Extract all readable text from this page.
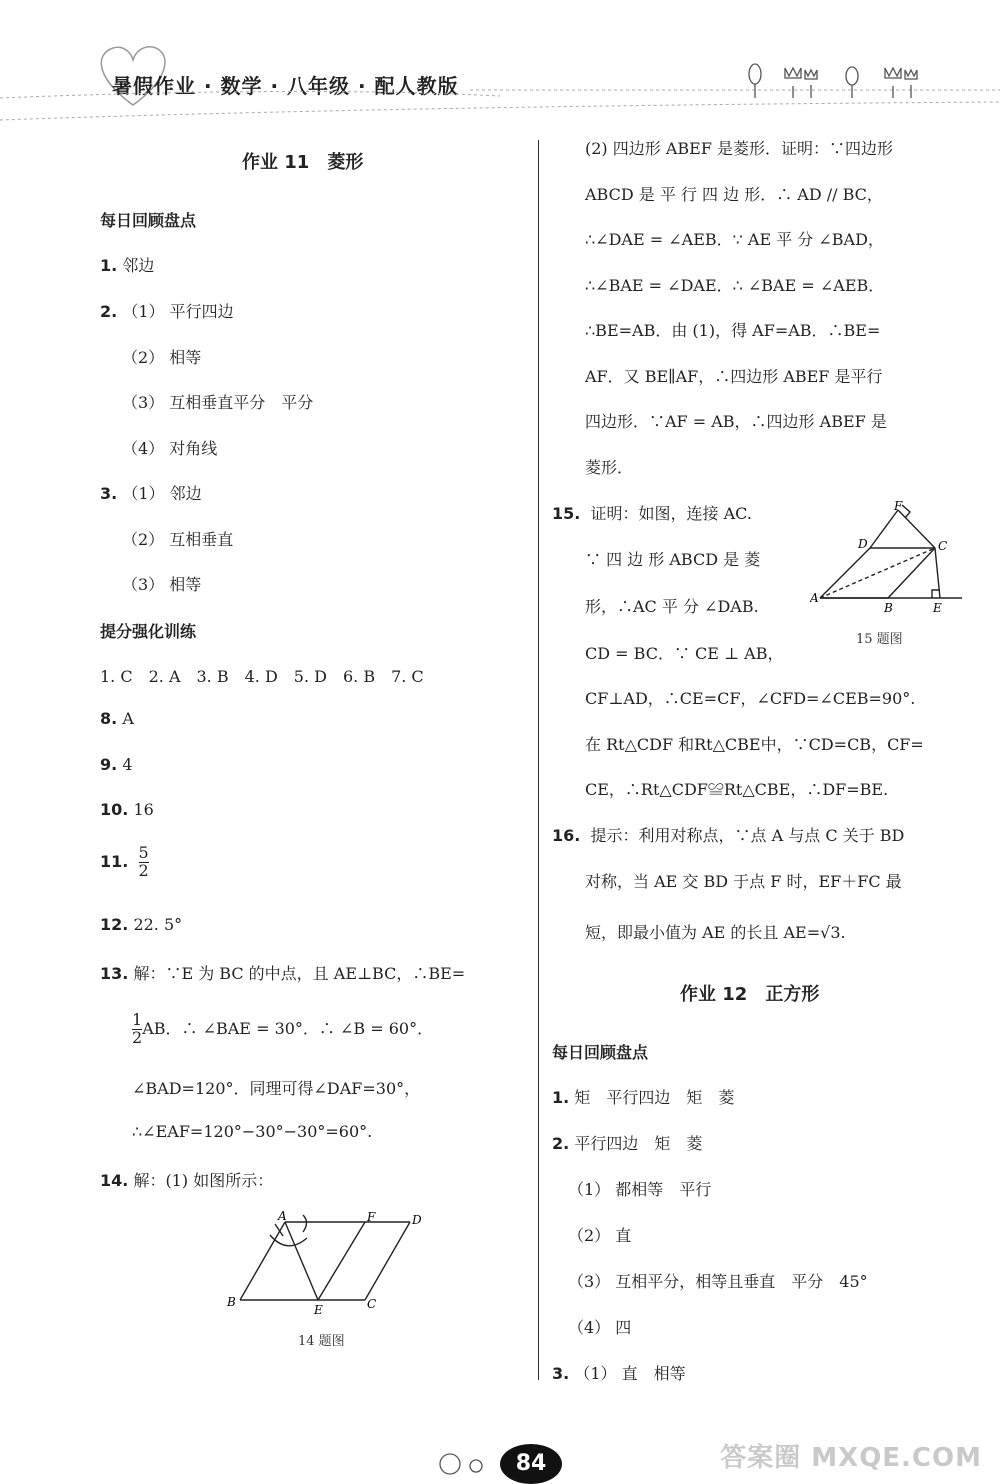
暑假作业 · 数学 · 八年级 · 配人教版
作业 11　菱形
每日回顾盘点
1. 邻边
2. （1） 平行四边
（2） 相等
（3） 互相垂直平分　平分
（4） 对角线
3. （1） 邻边
（2） 互相垂直
（3） 相等
提分强化训练
1. C　2. A　3. B　4. D　5. D　6. B　7. C
8. A
9. 4
10. 16
11. $\frac{5}{2}$
12. 22. 5°
13. 解：∵E 为 BC 的中点，且 AE⊥BC，∴BE=
$\frac{1}{2}$ AB．∴ ∠BAE = 30°．∴ ∠B = 60°．
∠BAD=120°．同理可得∠DAF=30°，
∴∠EAF=120°−30°−30°=60°.
14. 解：(1) 如图所示：
A	F	D
B
E	C
14 题图
(2) 四边形 ABEF 是菱形．证明：∵四边形
ABCD 是 平 行 四 边 形．∴ AD // BC，
∴∠DAE = ∠AEB．∵ AE 平 分 ∠BAD，
∴∠BAE = ∠DAE．∴ ∠BAE = ∠AEB．
∴BE=AB．由 (1)，得 AF=AB．∴BE=
AF．又 BE∥AF，∴四边形 ABEF 是平行
四边形．∵AF = AB，∴四边形 ABEF 是
菱形．
15. 证明：如图，连接 AC.
∵ 四 边 形 ABCD 是 菱
形，∴AC 平 分 ∠DAB.
F
D	C
A
B	E
15 题图
CD = BC．∵ CE ⊥ AB，
CF⊥AD，∴CE=CF，∠CFD=∠CEB=90°.
在 Rt△CDF 和Rt△CBE中，∵CD=CB，CF=
CE，∴Rt△CDF≌Rt△CBE，∴DF=BE.
16. 提示：利用对称点，∵点 A 与点 C 关于 BD
对称，当 AE 交 BD 于点 F 时，EF＋FC 最
短，即最小值为 AE 的长且 AE=√3.
作业 12　正方形
每日回顾盘点
1. 矩　平行四边　矩　菱
2. 平行四边　矩　菱
（1） 都相等　平行
（2） 直
（3） 互相平分，相等且垂直　平分　45°
（4） 四
3. （1） 直　相等
84	答案圈 MXQE.COM
